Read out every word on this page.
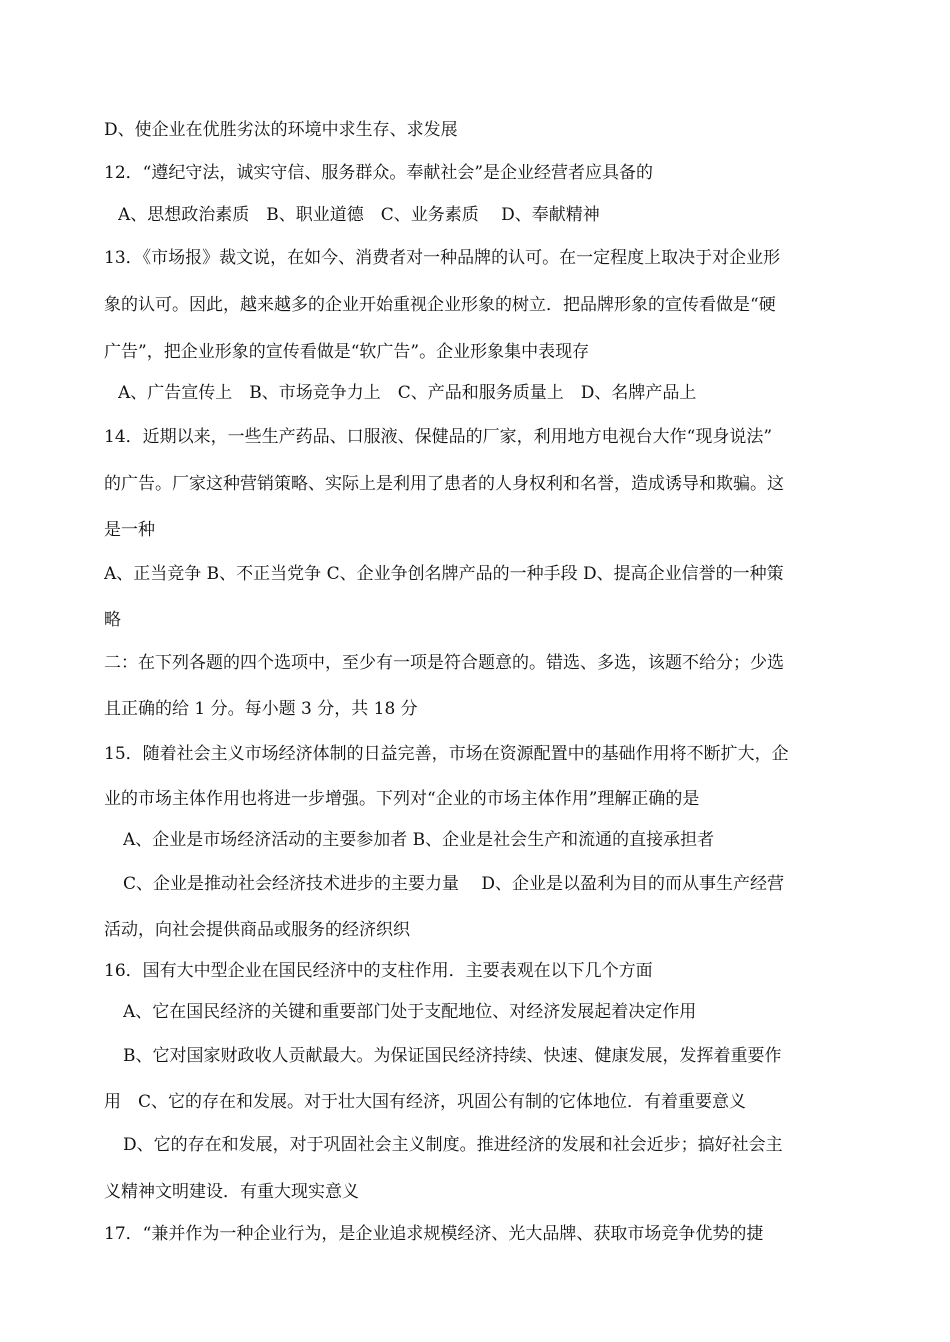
D、使企业在优胜劣汰的环境中求生存、求发展
12．“遵纪守法，诚实守信、服务群众。奉献社会”是企业经营者应具备的
A、思想政治素质　B、职业道德　C、业务素质　 D、奉献精神
13．《市场报》裁文说，在如今、消费者对一种品牌的认可。在一定程度上取决于对企业形
象的认可。因此，越来越多的企业开始重视企业形象的树立．把品牌形象的宣传看做是“硬
广告”，把企业形象的宣传看做是“软广告”。企业形象集中表现存
A、广告宣传上　B、市场竞争力上　C、产品和服务质量上　D、名牌产品上
14．近期以来，一些生产药品、口服液、保健品的厂家，利用地方电视台大作“现身说法”
的广告。厂家这种营销策略、实际上是利用了患者的人身权利和名誉，造成诱导和欺骗。这
是一种
A、正当竞争 B、不正当党争 C、企业争创名牌产品的一种手段 D、提高企业信誉的一种策
略
二：在下列各题的四个选项中，至少有一项是符合题意的。错选、多选，该题不给分；少选
且正确的给 1 分。每小题 3 分，共 18 分
15．随着社会主义市场经济体制的日益完善，市场在资源配置中的基础作用将不断扩大，企
业的市场主体作用也将进一步增强。下列对“企业的市场主体作用”理解正确的是
A、企业是市场经济活动的主要参加者 B、企业是社会生产和流通的直接承担者
C、企业是推动社会经济技术进步的主要力量　 D、企业是以盈利为目的而从事生产经营
活动，向社会提供商品或服务的经济织织
16．国有大中型企业在国民经济中的支柱作用．主要表观在以下几个方面
A、它在国民经济的关键和重要部门处于支配地位、对经济发展起着决定作用
B、它对国家财政收人贡献最大。为保证国民经济持续、快速、健康发展，发挥着重要作
用　C、它的存在和发展。对于壮大国有经济，巩固公有制的它体地位．有着重要意义
D、它的存在和发展，对于巩固社会主义制度。推进经济的发展和社会近步；搞好社会主
义精神文明建设．有重大现实意义
17．“兼并作为一种企业行为，是企业追求规模经济、光大品牌、获取市场竞争优势的捷
